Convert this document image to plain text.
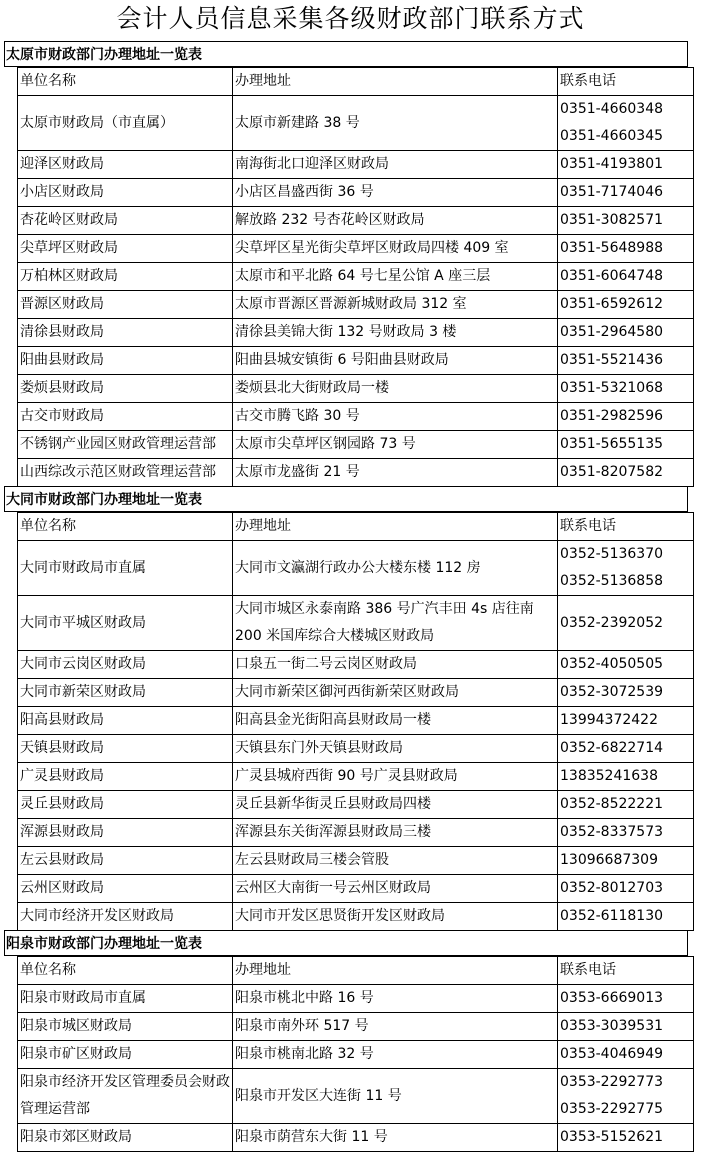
会计人员信息采集各级财政部门联系方式
太原市财政部门办理地址一览表
单位名称	办理地址	联系电话
太原市财政局（市直属）	太原市新建路 38 号	0351-4660348
0351-4660345

迎泽区财政局	南海街北口迎泽区财政局	0351-4193801

小店区财政局	小店区昌盛西街 36 号	0351-7174046

杏花岭区财政局	解放路 232 号杏花岭区财政局	0351-3082571

尖草坪区财政局	尖草坪区星光街尖草坪区财政局四楼 409 室	0351-5648988

万柏林区财政局	太原市和平北路 64 号七星公馆 A 座三层	0351-6064748

晋源区财政局	太原市晋源区晋源新城财政局 312 室	0351-6592612

清徐县财政局	清徐县美锦大街 132 号财政局 3 楼	0351-2964580

阳曲县财政局	阳曲县城安镇街 6 号阳曲县财政局	0351-5521436

娄烦县财政局	娄烦县北大街财政局一楼	0351-5321068

古交市财政局	古交市腾飞路 30 号	0351-2982596

不锈钢产业园区财政管理运营部	太原市尖草坪区钢园路 73 号	0351-5655135

山西综改示范区财政管理运营部	太原市龙盛街 21 号	0351-8207582
大同市财政部门办理地址一览表
单位名称	办理地址	联系电话
大同市财政局市直属	大同市文瀛湖行政办公大楼东楼 112 房	0352-5136370
0352-5136858

大同市平城区财政局	大同市城区永泰南路 386 号广汽丰田 4s 店往南 200 米国库综合大楼城区财政局	0352-2392052

大同市云岗区财政局	口泉五一街二号云岗区财政局	0352-4050505

大同市新荣区财政局	大同市新荣区御河西街新荣区财政局	0352-3072539

阳高县财政局	阳高县金光街阳高县财政局一楼	13994372422

天镇县财政局	天镇县东门外天镇县财政局	0352-6822714

广灵县财政局	广灵县城府西街 90 号广灵县财政局	13835241638

灵丘县财政局	灵丘县新华街灵丘县财政局四楼	0352-8522221

浑源县财政局	浑源县东关街浑源县财政局三楼	0352-8337573

左云县财政局	左云县财政局三楼会管股	13096687309

云州区财政局	云州区大南街一号云州区财政局	0352-8012703

大同市经济开发区财政局	大同市开发区思贤街开发区财政局	0352-6118130
阳泉市财政部门办理地址一览表
单位名称	办理地址	联系电话
阳泉市财政局市直属	阳泉市桃北中路 16 号	0353-6669013

阳泉市城区财政局	阳泉市南外环 517 号	0353-3039531

阳泉市矿区财政局	阳泉市桃南北路 32 号	0353-4046949

阳泉市经济开发区管理委员会财政管理运营部	阳泉市开发区大连街 11 号	0353-2292773
0353-2292775

阳泉市郊区财政局	阳泉市荫营东大街 11 号	0353-5152621
